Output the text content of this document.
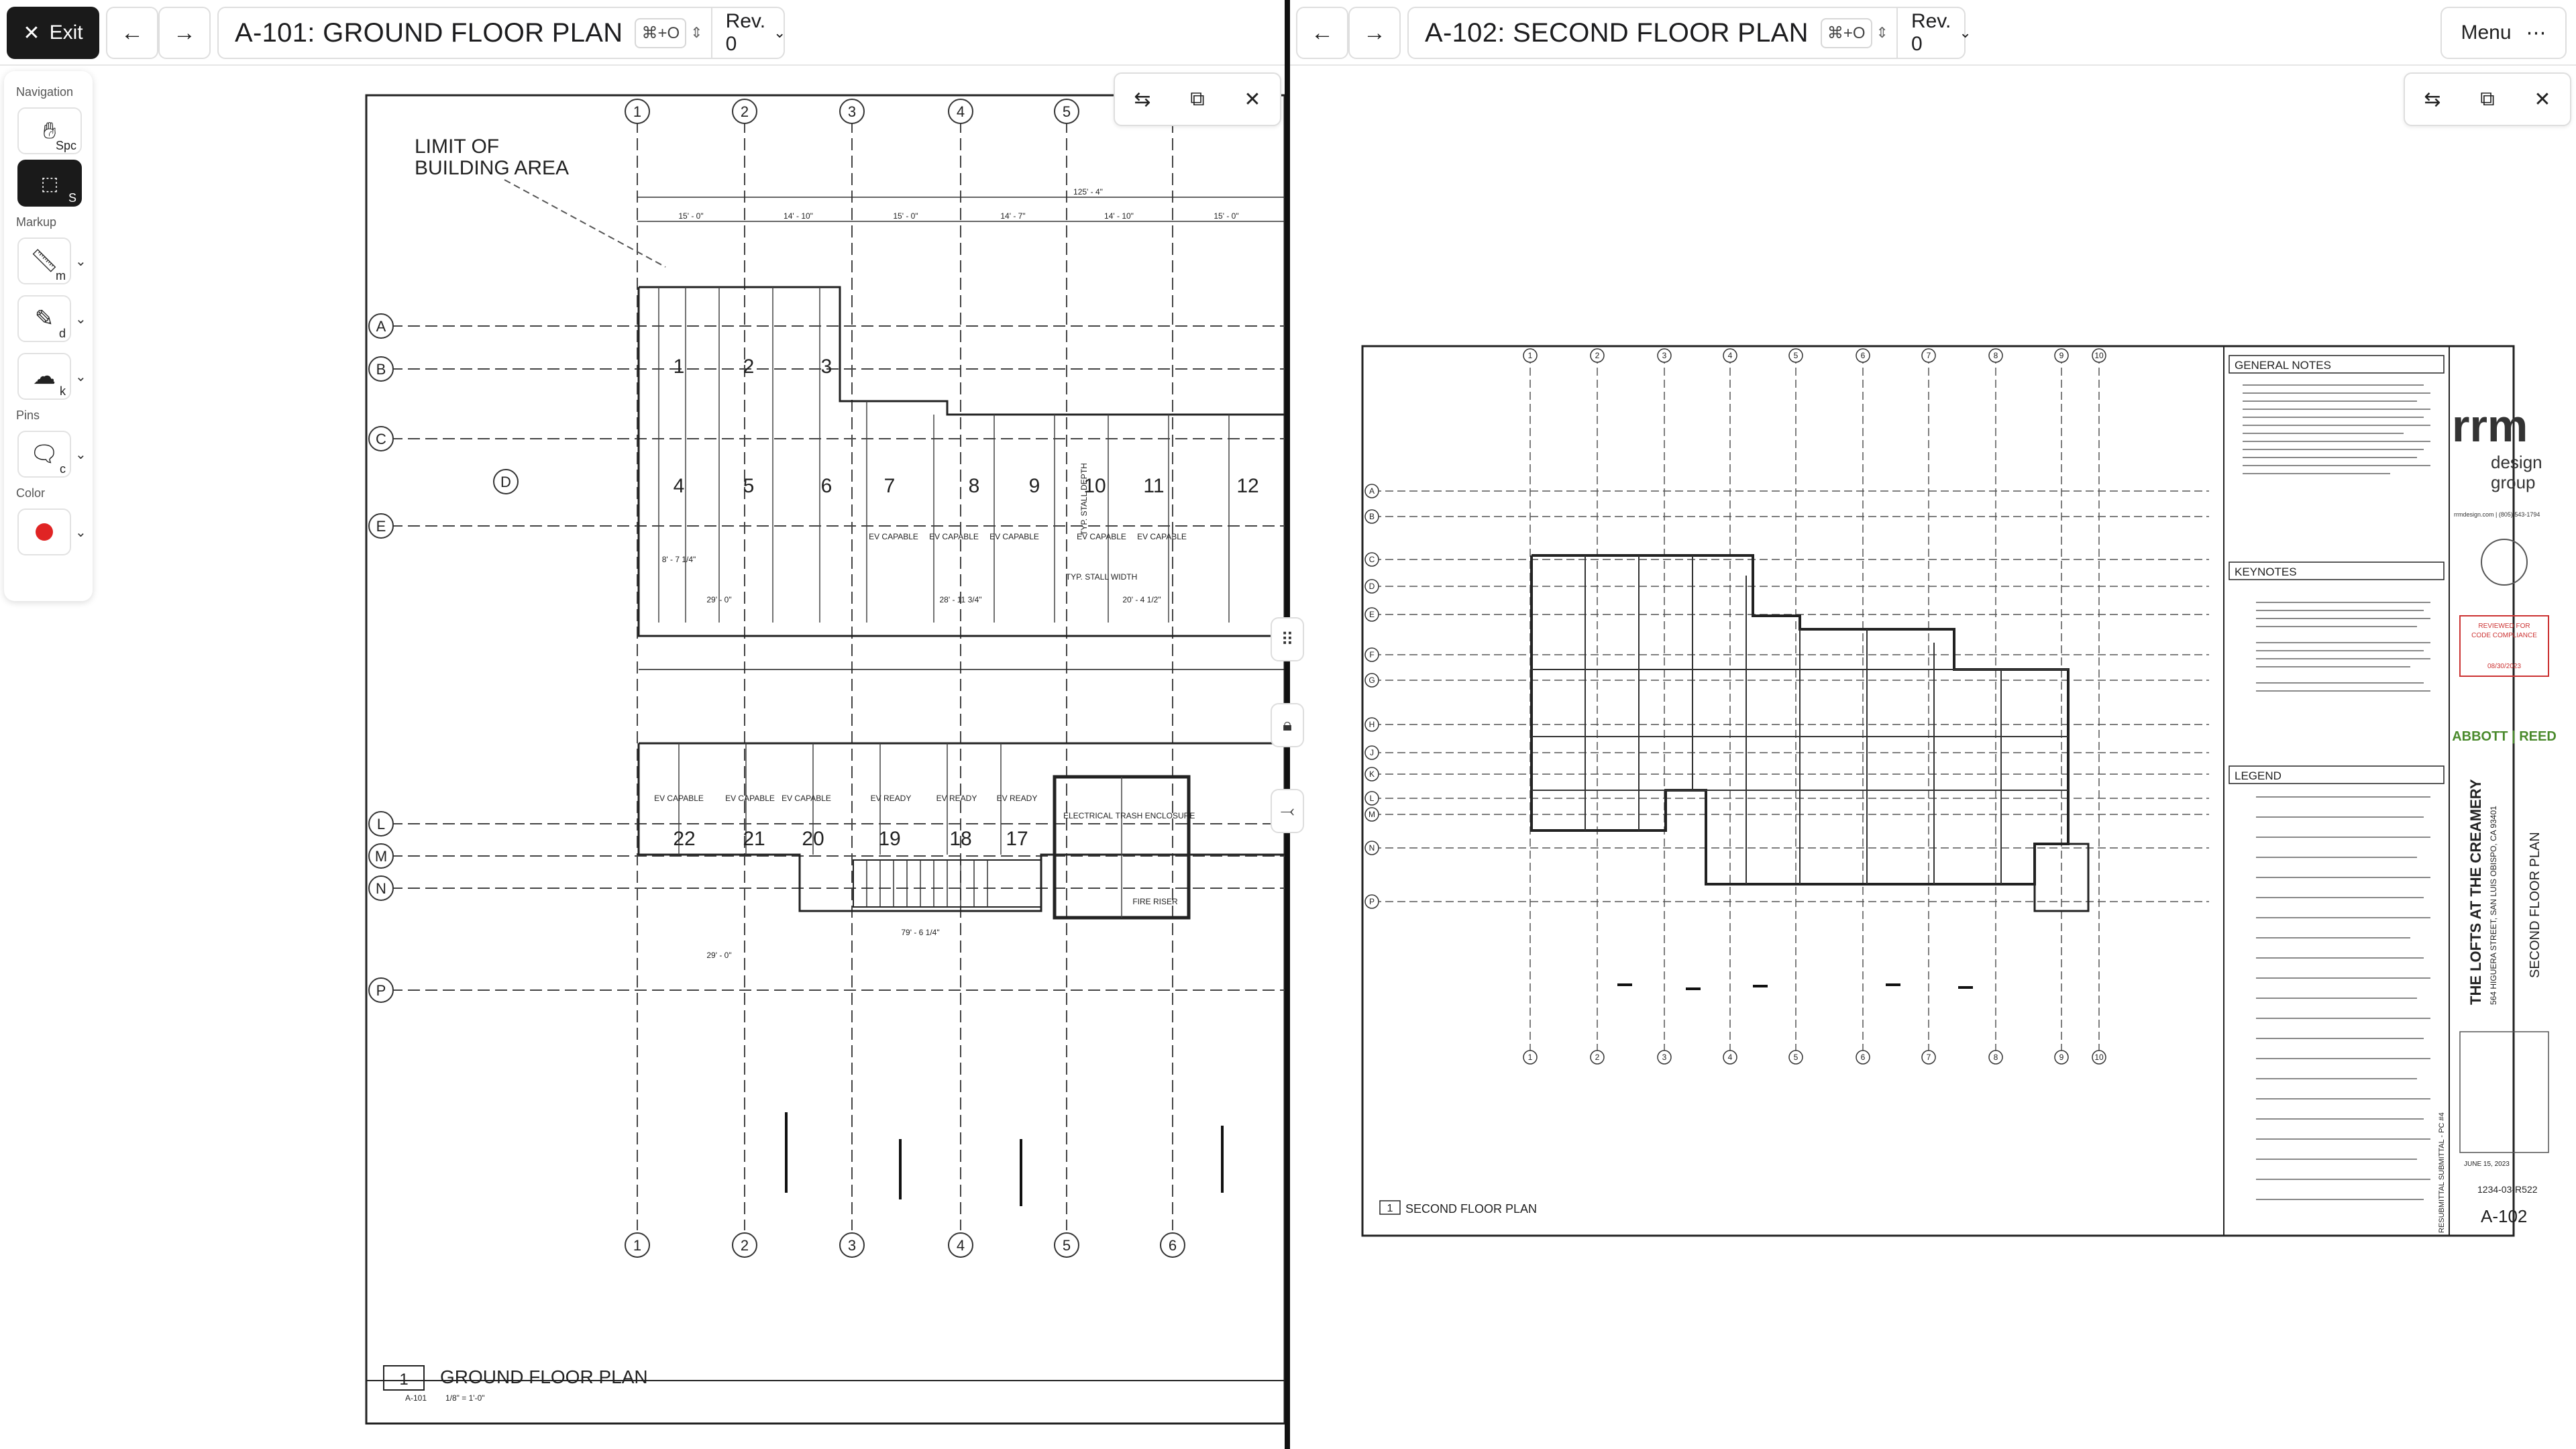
✕ Exit ← →	A-101: GROUND FLOOR PLAN	⌘+O ⇕
Rev. 0
⌄	← →	A-102: SECOND FLOOR PLAN	⌘+O ⇕
Rev. 0
⌄	Menu ⋯
1	2	3	4	5
1	2	3	4	5	6
A
B
C
E
L
M
N
P
D
LIMIT OF
BUILDING AREA
125' - 4"
15' - 0"	14' - 10"	15' - 0"	14' - 7"	14' - 10"	15' - 0"
1	2	3
4	5	6	7	8 9 10 11	12
EV CAPABLE EV CAPABLE EV CAPABLE	EV CAPABLE EV CAPABLE
29' - 0"	28' - 11 3/4"	20' - 4 1/2"
TYP. STALL WIDTH
8' - 7 1/4"
TYP. STALL DEPTH
22 21 20	19 18 17
EV CAPABLE	EV CAPABLE EV CAPABLE	EV READY	EV READY EV READY
ELECTRICAL TRASH ENCLOSURE
FIRE RISER
29' - 0"
79' - 6 1/4"
1 GROUND FLOOR PLAN
A-101 1/8" = 1'-0"
⇆	⧉	✕
1	2	3	4	5	6	7	8	9	10
1	2	3	4	5	6	7	8	9	10
A
B
C
D
E
F
G
H
J
K
L
M
N
P
1 SECOND FLOOR PLAN
GENERAL NOTES
KEYNOTES
LEGEND
rrm
design
group
rrmdesign.com | (805) 543-1794
REVIEWED FOR
CODE COMPLIANCE
08/30/2023
ABBOTT | REED
THE LOFTS AT THE CREAMERY 564 HIGUERA STREET, SAN LUIS OBISPO, CA 93401 SECOND FLOOR PLAN
RESUBMITTAL SUBMITTAL - PC #4	JUNE 15, 2023
1234-03-R522
A-102
⇆	⧉	✕
⠿
🔒︎
⤙
Navigation
✋︎
Spc
⬚
S
Markup
📏︎
m
⌄
✎
d
⌄
☁︎
k
⌄
Pins
🗨︎
c
⌄
Color
⌄
